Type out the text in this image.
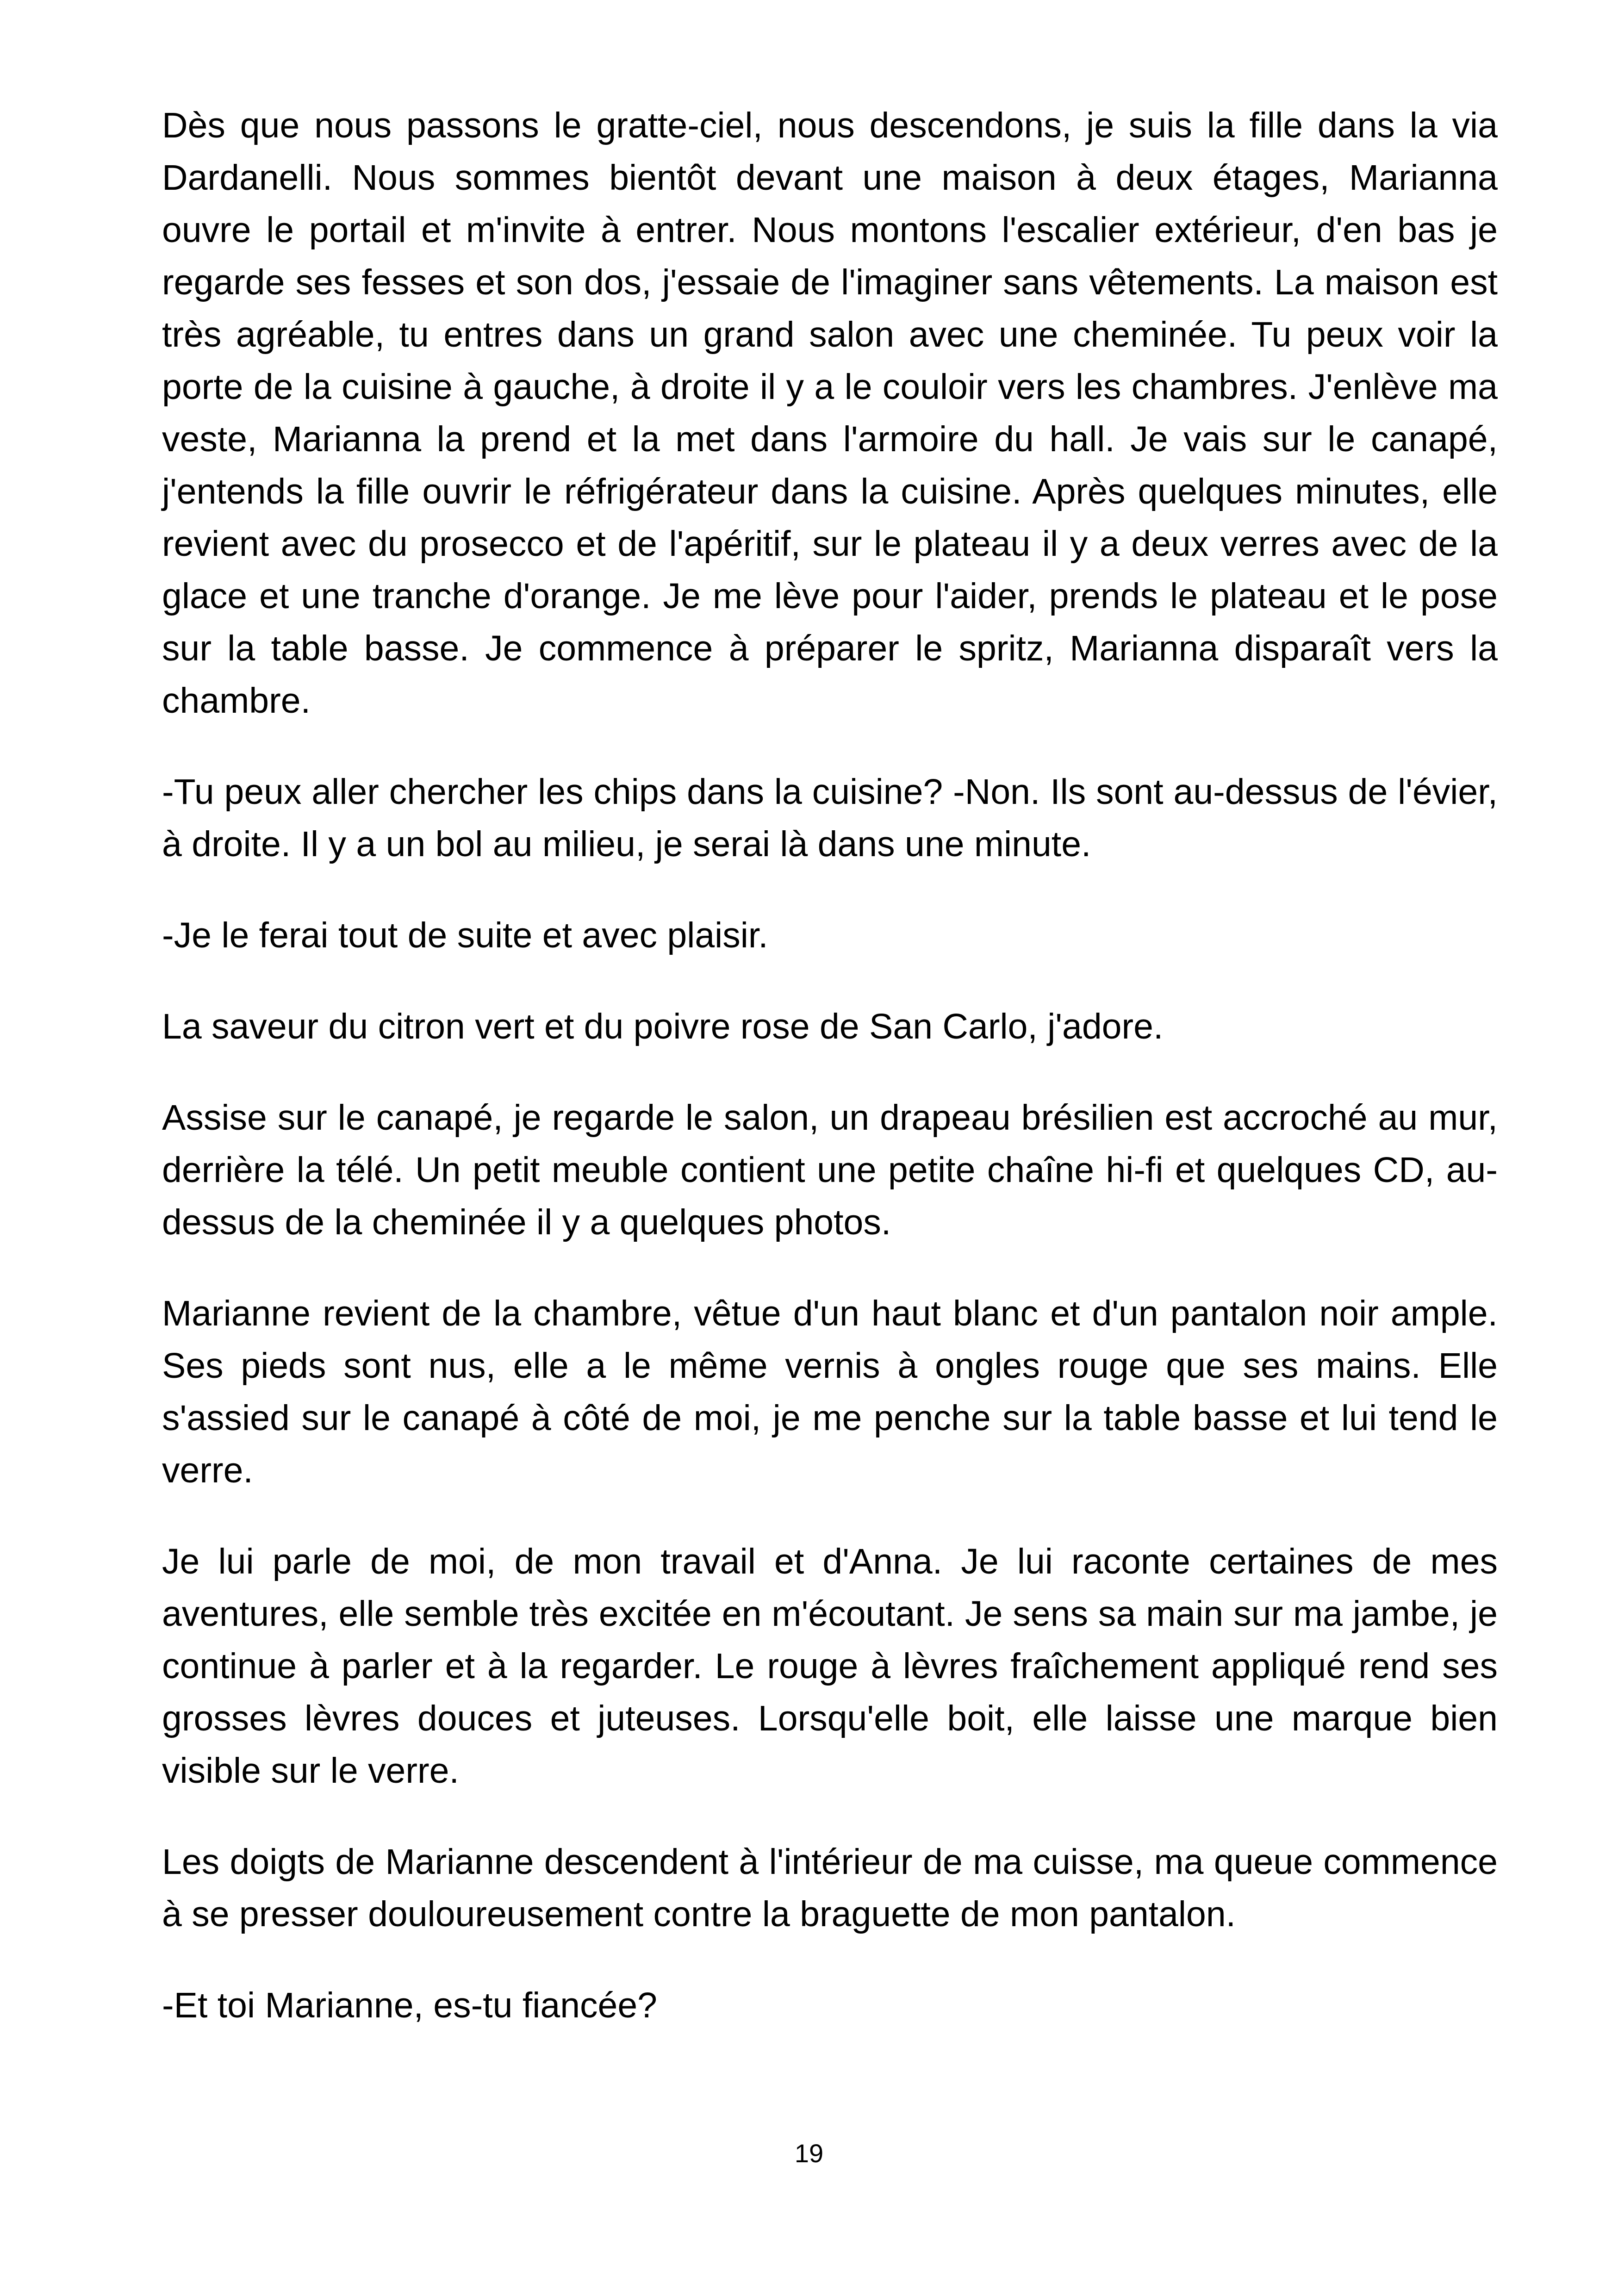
Dès que nous passons le gratte-ciel, nous descendons, je suis la fille dans la via Dardanelli. Nous sommes bientôt devant une maison à deux étages, Marianna ouvre le portail et m'invite à entrer. Nous montons l'escalier extérieur, d'en bas je regarde ses fesses et son dos, j'essaie de l'imaginer sans vêtements. La maison est très agréable, tu entres dans un grand salon avec une cheminée. Tu peux voir la porte de la cuisine à gauche, à droite il y a le couloir vers les chambres. J'enlève ma veste, Marianna la prend et la met dans l'armoire du hall. Je vais sur le canapé, j'entends la fille ouvrir le réfrigérateur dans la cuisine. Après quelques minutes, elle revient avec du prosecco et de l'apéritif, sur le plateau il y a deux verres avec de la glace et une tranche d'orange. Je me lève pour l'aider, prends le plateau et le pose sur la table basse. Je commence à préparer le spritz, Marianna disparaît vers la chambre.

-Tu peux aller chercher les chips dans la cuisine? -Non. Ils sont au-dessus de l'évier, à droite. Il y a un bol au milieu, je serai là dans une minute.

-Je le ferai tout de suite et avec plaisir.

La saveur du citron vert et du poivre rose de San Carlo, j'adore.

Assise sur le canapé, je regarde le salon, un drapeau brésilien est accroché au mur, derrière la télé. Un petit meuble contient une petite chaîne hi-fi et quelques CD, au-dessus de la cheminée il y a quelques photos.

Marianne revient de la chambre, vêtue d'un haut blanc et d'un pantalon noir ample. Ses pieds sont nus, elle a le même vernis à ongles rouge que ses mains. Elle s'assied sur le canapé à côté de moi, je me penche sur la table basse et lui tend le verre.

Je lui parle de moi, de mon travail et d'Anna. Je lui raconte certaines de mes aventures, elle semble très excitée en m'écoutant. Je sens sa main sur ma jambe, je continue à parler et à la regarder. Le rouge à lèvres fraîchement appliqué rend ses grosses lèvres douces et juteuses. Lorsqu'elle boit, elle laisse une marque bien visible sur le verre.

Les doigts de Marianne descendent à l'intérieur de ma cuisse, ma queue commence à se presser douloureusement contre la braguette de mon pantalon.

-Et toi Marianne, es-tu fiancée?

19
